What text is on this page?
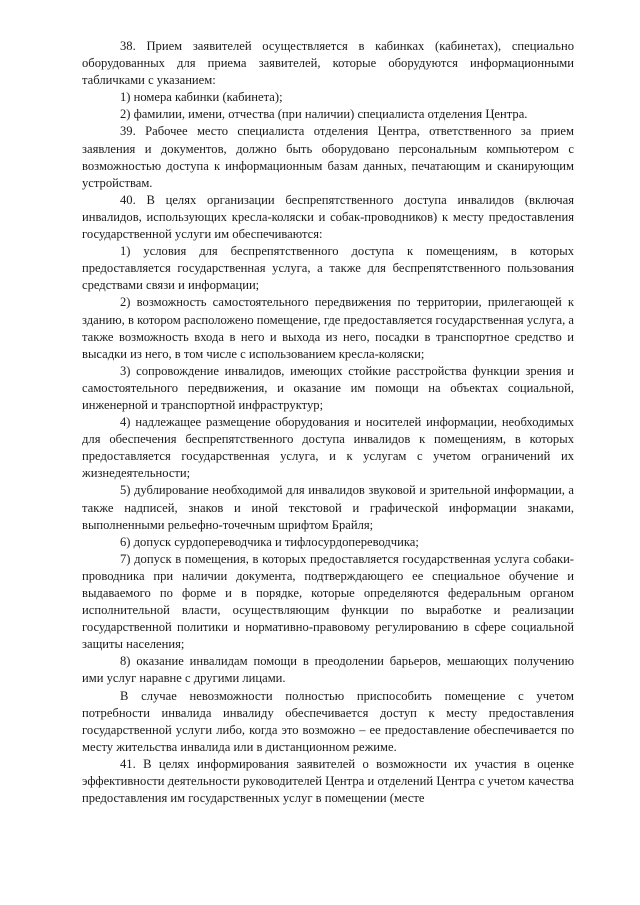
38. Прием заявителей осуществляется в кабинках (кабинетах), специально оборудованных для приема заявителей, которые оборудуются информационными табличками с указанием:

1) номера кабинки (кабинета);

2) фамилии, имени, отчества (при наличии) специалиста отделения Центра.

39. Рабочее место специалиста отделения Центра, ответственного за прием заявления и документов, должно быть оборудовано персональным компьютером с возможностью доступа к информационным базам данных, печатающим и сканирующим устройствам.

40. В целях организации беспрепятственного доступа инвалидов (включая инвалидов, использующих кресла-коляски и собак-проводников) к месту предоставления государственной услуги им обеспечиваются:

1) условия для беспрепятственного доступа к помещениям, в которых предоставляется государственная услуга, а также для беспрепятственного пользования средствами связи и информации;

2) возможность самостоятельного передвижения по территории, прилегающей к зданию, в котором расположено помещение, где предоставляется государственная услуга, а также возможность входа в него и выхода из него, посадки в транспортное средство и высадки из него, в том числе с использованием кресла-коляски;

3) сопровождение инвалидов, имеющих стойкие расстройства функции зрения и самостоятельного передвижения, и оказание им помощи на объектах социальной, инженерной и транспортной инфраструктур;

4) надлежащее размещение оборудования и носителей информации, необходимых для обеспечения беспрепятственного доступа инвалидов к помещениям, в которых предоставляется государственная услуга, и к услугам с учетом ограничений их жизнедеятельности;

5) дублирование необходимой для инвалидов звуковой и зрительной информации, а также надписей, знаков и иной текстовой и графической информации знаками, выполненными рельефно-точечным шрифтом Брайля;

6) допуск сурдопереводчика и тифлосурдопереводчика;

7) допуск в помещения, в которых предоставляется государственная услуга собаки-проводника при наличии документа, подтверждающего ее специальное обучение и выдаваемого по форме и в порядке, которые определяются федеральным органом исполнительной власти, осуществляющим функции по выработке и реализации государственной политики и нормативно-правовому регулированию в сфере социальной защиты населения;

8) оказание инвалидам помощи в преодолении барьеров, мешающих получению ими услуг наравне с другими лицами.

В случае невозможности полностью приспособить помещение с учетом потребности инвалида инвалиду обеспечивается доступ к месту предоставления государственной услуги либо, когда это возможно – ее предоставление обеспечивается по месту жительства инвалида или в дистанционном режиме.

41. В целях информирования заявителей о возможности их участия в оценке эффективности деятельности руководителей Центра и отделений Центра с учетом качества предоставления им государственных услуг в помещении (месте
